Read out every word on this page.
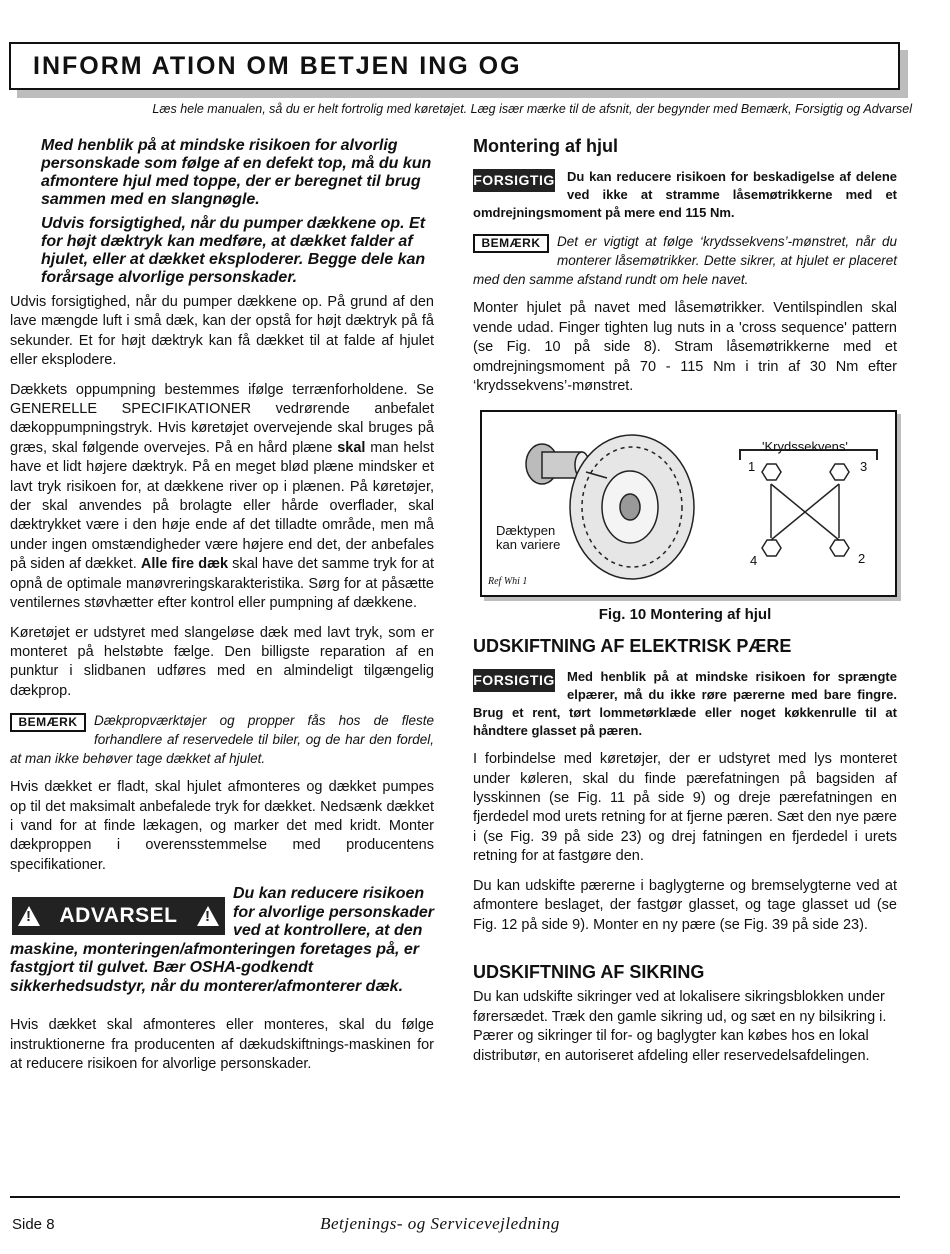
INFORM ATION OM BETJEN ING OG
Læs hele manualen, så du er helt fortrolig med køretøjet. Læg især mærke til de afsnit, der begynder med Bemærk, Forsigtig og Advarsel

Med henblik på at mindske risikoen for alvorlig personskade som følge af en defekt top, må du kun afmontere hjul med toppe, der er beregnet til brug sammen med en slangnøgle.

Udvis forsigtighed, når du pumper dækkene op. Et for højt dæktryk kan medføre, at dækket falder af hjulet, eller at dækket eksploderer. Begge dele kan forårsage alvorlige personskader.

Udvis forsigtighed, når du pumper dækkene op. På grund af den lave mængde luft i små dæk, kan der opstå for højt dæktryk på få sekunder. Et for højt dæktryk kan få dækket til at falde af hjulet eller eksplodere.

Dækkets oppumpning bestemmes ifølge terrænforholdene. Se GENERELLE SPECIFIKATIONER vedrørende anbefalet dækoppumpningstryk. Hvis køretøjet overvejende skal bruges på græs, skal følgende overvejes. På en hård plæne skal man helst have et lidt højere dæktryk. På en meget blød plæne mindsker et lavt tryk risikoen for, at dækkene river op i plænen. På køretøjer, der skal anvendes på brolagte eller hårde overflader, skal dæktrykket være i den høje ende af det tilladte område, men må under ingen omstændigheder være højere end det, der anbefales på siden af dækket. Alle fire dæk skal have det samme tryk for at opnå de optimale manøvreringskarakteristika. Sørg for at påsætte ventilernes støvhætter efter kontrol eller pumpning af dækkene.

Køretøjet er udstyret med slangeløse dæk med lavt tryk, som er monteret på helstøbte fælge. Den billigste reparation af en punktur i slidbanen udføres med en almindeligt tilgængelig dækprop.

BEMÆRK	Dækpropværktøjer og propper fås hos de fleste forhandlere af reservedele til biler, og de har den fordel, at man ikke behøver tage dækket af hjulet.

Hvis dækket er fladt, skal hjulet afmonteres og dækket pumpes op til det maksimalt anbefalede tryk for dækket. Nedsænk dækket i vand for at finde lækagen, og marker det med kridt. Monter dækproppen i overensstemmelse med producentens specifikationer.

!
ADVARSEL
!
Du kan reducere risikoen for alvorlige personskader ved at kontrollere, at den maskine, monteringen/afmonteringen foretages på, er fastgjort til gulvet. Bær OSHA-godkendt sikkerhedsudstyr, når du monterer/afmonterer dæk.

Hvis dækket skal afmonteres eller monteres, skal du følge instruktionerne fra producenten af dækudskiftnings-maskinen for at reducere risikoen for alvorlige personskader.

Montering af hjul

FORSIGTIG Du kan reducere risikoen for beskadigelse af delene ved ikke at stramme låsemøtrikkerne med et omdrejningsmoment på mere end 115 Nm.

BEMÆRK	Det er vigtigt at følge ‘krydssekvens’-mønstret, når du monterer låsemøtrikker. Dette sikrer, at hjulet er placeret med den samme afstand rundt om hele navet.

Monter hjulet på navet med låsemøtrikker. Ventilspindlen skal vende udad. Finger tighten lug nuts in a 'cross sequence' pattern (se Fig. 10 på side 8). Stram låsemøtrikkerne med et omdrejningsmoment på 70 - 115 Nm i trin af 30 Nm efter ‘krydssekvens’-mønstret.

Dæktypen
kan variere
'Krydssekvens'
1	3
4	2
Ref Whi 1
Fig. 10 Montering af hjul
UDSKIFTNING AF ELEKTRISK PÆRE

FORSIGTIG Med henblik på at mindske risikoen for sprængte elpærer, må du ikke røre pærerne med bare fingre. Brug et rent, tørt lommetørklæde eller noget køkkenrulle til at håndtere glasset på pæren.

I forbindelse med køretøjer, der er udstyret med lys monteret under køleren, skal du finde pærefatningen på bagsiden af lysskinnen (se Fig. 11 på side 9) og dreje pærefatningen en fjerdedel mod urets retning for at fjerne pæren. Sæt den nye pære i (se Fig. 39 på side 23) og drej fatningen en fjerdedel i urets retning for at fastgøre den.

Du kan udskifte pærerne i baglygterne og bremselygterne ved at afmontere beslaget, der fastgør glasset, og tage glasset ud (se Fig. 12 på side 9). Monter en ny pære (se Fig. 39 på side 23).

UDSKIFTNING AF SIKRING

Du kan udskifte sikringer ved at lokalisere sikringsblokken under førersædet. Træk den gamle sikring ud, og sæt en ny bilsikring i. Pærer og sikringer til for- og baglygter kan købes hos en lokal distributør, en autoriseret afdeling eller reservedelsafdelingen.

Side 8	Betjenings- og Servicevejledning
